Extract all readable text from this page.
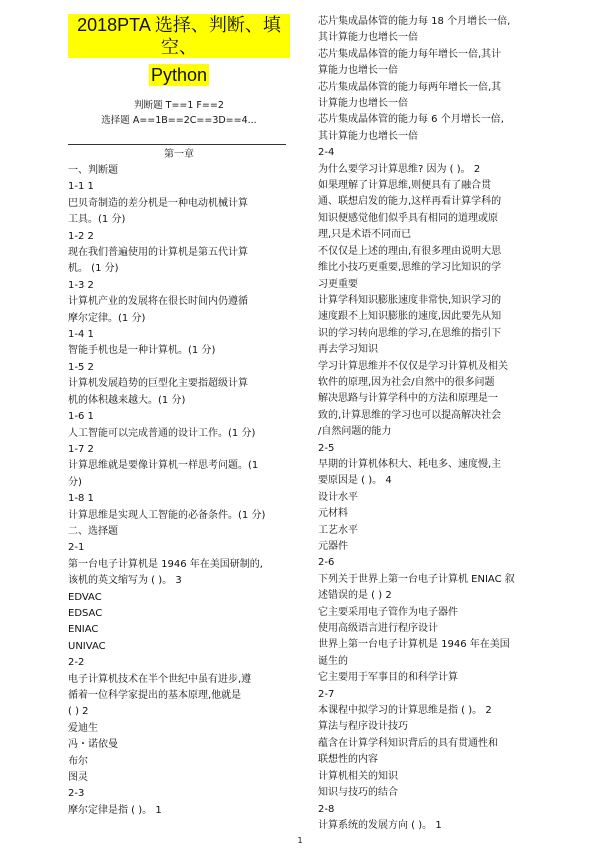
2018PTA 选择、判断、填空、
Python
判断题 T==1 F==2
选择题 A==1B==2C==3D==4...
第一章
一、判断题
1-1 1
巴贝奇制造的差分机是一种电动机械计算
工具。(1 分)
1-2 2
现在我们普遍使用的计算机是第五代计算
机。 (1 分)
1-3 2
计算机产业的发展将在很长时间内仍遵循
摩尔定律。(1 分)
1-4 1
智能手机也是一种计算机。(1 分)
1-5 2
计算机发展趋势的巨型化主要指超级计算
机的体积越来越大。(1 分)
1-6 1
人工智能可以完成普通的设计工作。(1 分)
1-7 2
计算思维就是要像计算机一样思考问题。(1
分)
1-8 1
计算思维是实现人工智能的必备条件。(1 分)
二、选择题
2-1
第一台电子计算机是 1946 年在美国研制的,
该机的英文缩写为 ( )。 3
EDVAC
EDSAC
ENIAC
UNIVAC
2-2
电子计算机技术在半个世纪中虽有进步,遵
循着一位科学家提出的基本原理,他就是
( ) 2
爱迪生
冯・诺依曼
布尔
图灵
2-3
摩尔定律是指 ( )。 1
芯片集成晶体管的能力每 18 个月增长一倍,
其计算能力也增长一倍
芯片集成晶体管的能力每年增长一倍,其计
算能力也增长一倍
芯片集成晶体管的能力每两年增长一倍,其
计算能力也增长一倍
芯片集成晶体管的能力每 6 个月增长一倍,
其计算能力也增长一倍
2-4
为什么要学习计算思维? 因为 ( )。 2
如果理解了计算思维,则便具有了融合贯
通、联想启发的能力,这样再看计算学科的
知识便感觉他们似乎具有相同的道理或原
理,只是术语不同而已
不仅仅是上述的理由,有很多理由说明大思
维比小技巧更重要,思维的学习比知识的学
习更重要
计算学科知识膨胀速度非常快,知识学习的
速度跟不上知识膨胀的速度,因此要先从知
识的学习转向思维的学习,在思维的指引下
再去学习知识
学习计算思维并不仅仅是学习计算机及相关
软件的原理,因为社会/自然中的很多问题
解决思路与计算学科中的方法和原理是一
致的,计算思维的学习也可以提高解决社会
/自然问题的能力
2-5
早期的计算机体积大、耗电多、速度慢,主
要原因是 ( )。 4
设计水平
元材料
工艺水平
元器件
2-6
下列关于世界上第一台电子计算机 ENIAC 叙
述错误的是 ( ) 2
它主要采用电子管作为电子器件
使用高级语言进行程序设计
世界上第一台电子计算机是 1946 年在美国
诞生的
它主要用于军事目的和科学计算
2-7
本课程中拟学习的计算思维是指 ( )。 2
算法与程序设计技巧
蕴含在计算学科知识背后的具有贯通性和
联想性的内容
计算机相关的知识
知识与技巧的结合
2-8
计算系统的发展方向 ( )。 1
1
